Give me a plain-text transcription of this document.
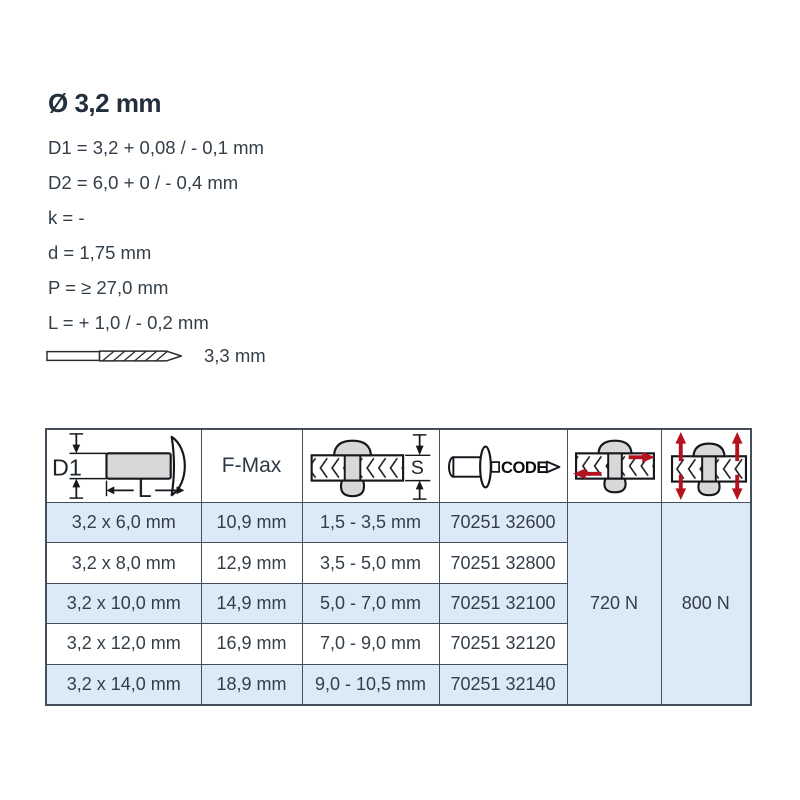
Ø 3,2 mm
D1 = 3,2 + 0,08 / - 0,1 mm
D2 = 6,0 + 0 / - 0,4 mm
k = -
d = 1,75 mm
P = ≥ 27,0 mm
L = + 1,0 / - 0,2 mm
3,3 mm
D1
L	F-Max	S	CODE

3,2 x 6,0 mm	10,9 mm	1,5 - 3,5 mm	70251 32600	720 N	800 N
3,2 x 8,0 mm	12,9 mm	3,5 - 5,0 mm	70251 32800		
3,2 x 10,0 mm	14,9 mm	5,0 - 7,0 mm	70251 32100		
3,2 x 12,0 mm	16,9 mm	7,0 - 9,0 mm	70251 32120		
3,2 x 14,0 mm	18,9 mm	9,0 - 10,5 mm	70251 32140		
